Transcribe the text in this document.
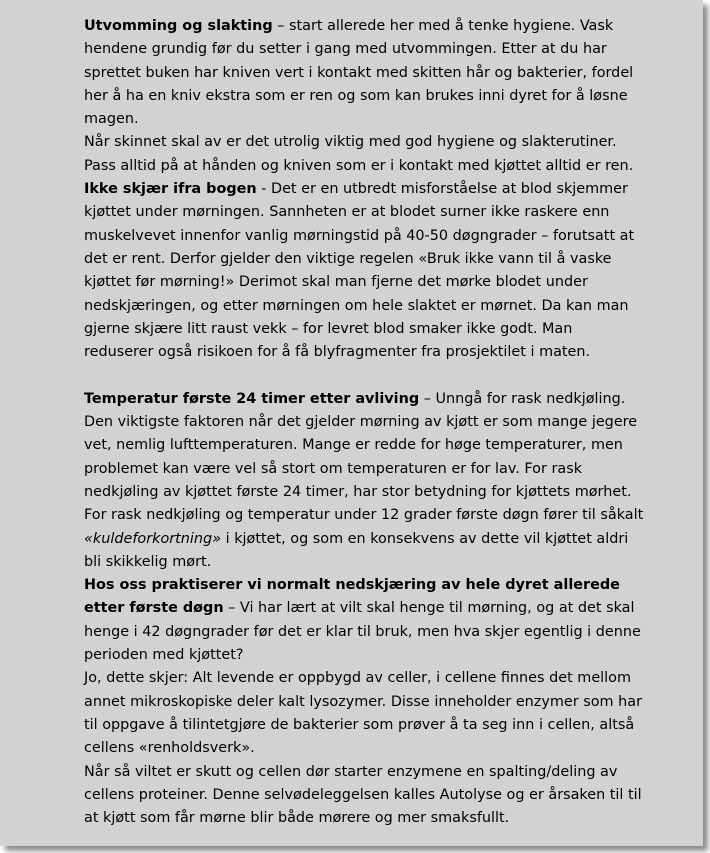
Utvomming og slakting – start allerede her med å tenke hygiene. Vask hendene grundig før du setter i gang med utvommingen. Etter at du har sprettet buken har kniven vert i kontakt med skitten hår og bakterier, fordel her å ha en kniv ekstra som er ren og som kan brukes inni dyret for å løsne magen.

Når skinnet skal av er det utrolig viktig med god hygiene og slakterutiner. Pass alltid på at hånden og kniven som er i kontakt med kjøttet alltid er ren.

Ikke skjær ifra bogen - Det er en utbredt misforståelse at blod skjemmer kjøttet under mørningen. Sannheten er at blodet surner ikke raskere enn muskelvevet innenfor vanlig mørningstid på 40-50 døgngrader – forutsatt at det er rent. Derfor gjelder den viktige regelen «Bruk ikke vann til å vaske kjøttet før mørning!» Derimot skal man fjerne det mørke blodet under nedskjæringen, og etter mørningen om hele slaktet er mørnet. Da kan man gjerne skjære litt raust vekk – for levret blod smaker ikke godt. Man reduserer også risikoen for å få blyfragmenter fra prosjektilet i maten.

Temperatur første 24 timer etter avliving – Unngå for rask nedkjøling.

Den viktigste faktoren når det gjelder mørning av kjøtt er som mange jegere vet, nemlig lufttemperaturen. Mange er redde for høge temperaturer, men problemet kan være vel så stort om temperaturen er for lav. For rask nedkjøling av kjøttet første 24 timer, har stor betydning for kjøttets mørhet. For rask nedkjøling og temperatur under 12 grader første døgn fører til såkalt «kuldeforkortning» i kjøttet, og som en konsekvens av dette vil kjøttet aldri bli skikkelig mørt.

Hos oss praktiserer vi normalt nedskjæring av hele dyret allerede etter første døgn – Vi har lært at vilt skal henge til mørning, og at det skal henge i 42 døgngrader før det er klar til bruk, men hva skjer egentlig i denne perioden med kjøttet?

Jo, dette skjer: Alt levende er oppbygd av celler, i cellene finnes det mellom annet mikroskopiske deler kalt lysozymer. Disse inneholder enzymer som har til oppgave å tilintetgjøre de bakterier som prøver å ta seg inn i cellen, altså cellens «renholdsverk».

Når så viltet er skutt og cellen dør starter enzymene en spalting/deling av cellens proteiner. Denne selvødeleggelsen kalles Autolyse og er årsaken til til at kjøtt som får mørne blir både mørere og mer smaksfullt.
